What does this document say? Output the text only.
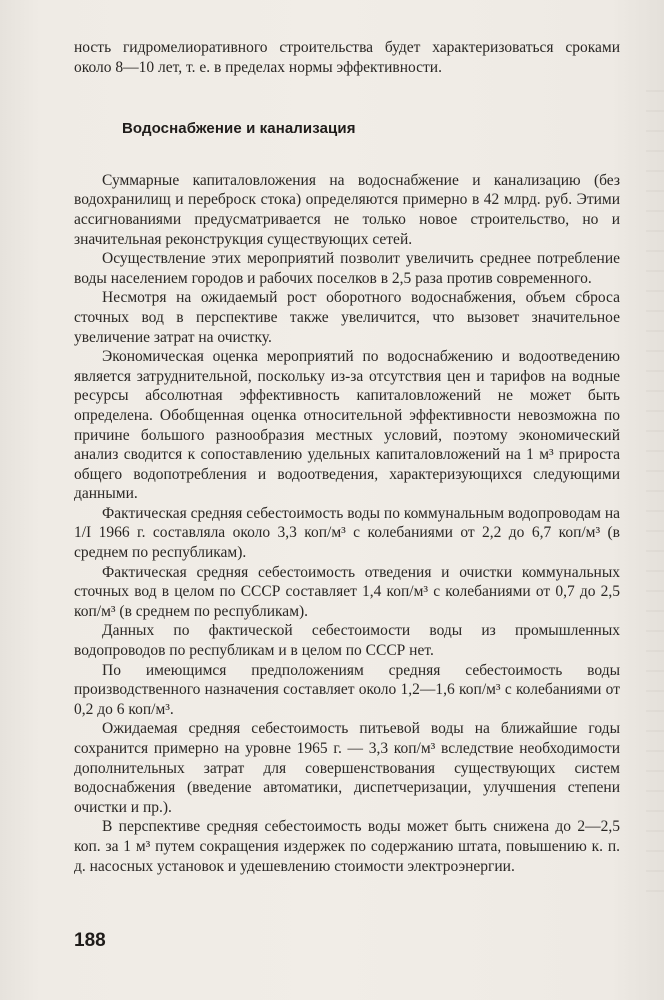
ность гидромелиоративного строительства будет характеризоваться сроками около 8—10 лет, т. е. в пределах нормы эффективности.

Водоснабжение и канализация

Суммарные капиталовложения на водоснабжение и канализацию (без водохранилищ и переброск стока) определяются примерно в 42 млрд. руб. Этими ассигнованиями предусматривается не только новое строительство, но и значительная реконструкция существующих сетей.

Осуществление этих мероприятий позволит увеличить среднее потребление воды населением городов и рабочих поселков в 2,5 раза против современного.

Несмотря на ожидаемый рост оборотного водоснабжения, объем сброса сточных вод в перспективе также увеличится, что вызовет значительное увеличение затрат на очистку.

Экономическая оценка мероприятий по водоснабжению и водоотведению является затруднительной, поскольку из-за отсутствия цен и тарифов на водные ресурсы абсолютная эффективность капиталовложений не может быть определена. Обобщенная оценка относительной эффективности невозможна по причине большого разнообразия местных условий, поэтому экономический анализ сводится к сопоставлению удельных капиталовложений на 1 м³ прироста общего водопотребления и водоотведения, характеризующихся следующими данными.

Фактическая средняя себестоимость воды по коммунальным водопроводам на 1/I 1966 г. составляла около 3,3 коп/м³ с колебаниями от 2,2 до 6,7 коп/м³ (в среднем по республикам).

Фактическая средняя себестоимость отведения и очистки коммунальных сточных вод в целом по СССР составляет 1,4 коп/м³ с колебаниями от 0,7 до 2,5 коп/м³ (в среднем по республикам).

Данных по фактической себестоимости воды из промышленных водопроводов по республикам и в целом по СССР нет.

По имеющимся предположениям средняя себестоимость воды производственного назначения составляет около 1,2—1,6 коп/м³ с колебаниями от 0,2 до 6 коп/м³.

Ожидаемая средняя себестоимость питьевой воды на ближайшие годы сохранится примерно на уровне 1965 г. — 3,3 коп/м³ вследствие необходимости дополнительных затрат для совершенствования существующих систем водоснабжения (введение автоматики, диспетчеризации, улучшения степени очистки и пр.).

В перспективе средняя себестоимость воды может быть снижена до 2—2,5 коп. за 1 м³ путем сокращения издержек по содержанию штата, повышению к. п. д. насосных установок и удешевлению стоимости электроэнергии.

188
